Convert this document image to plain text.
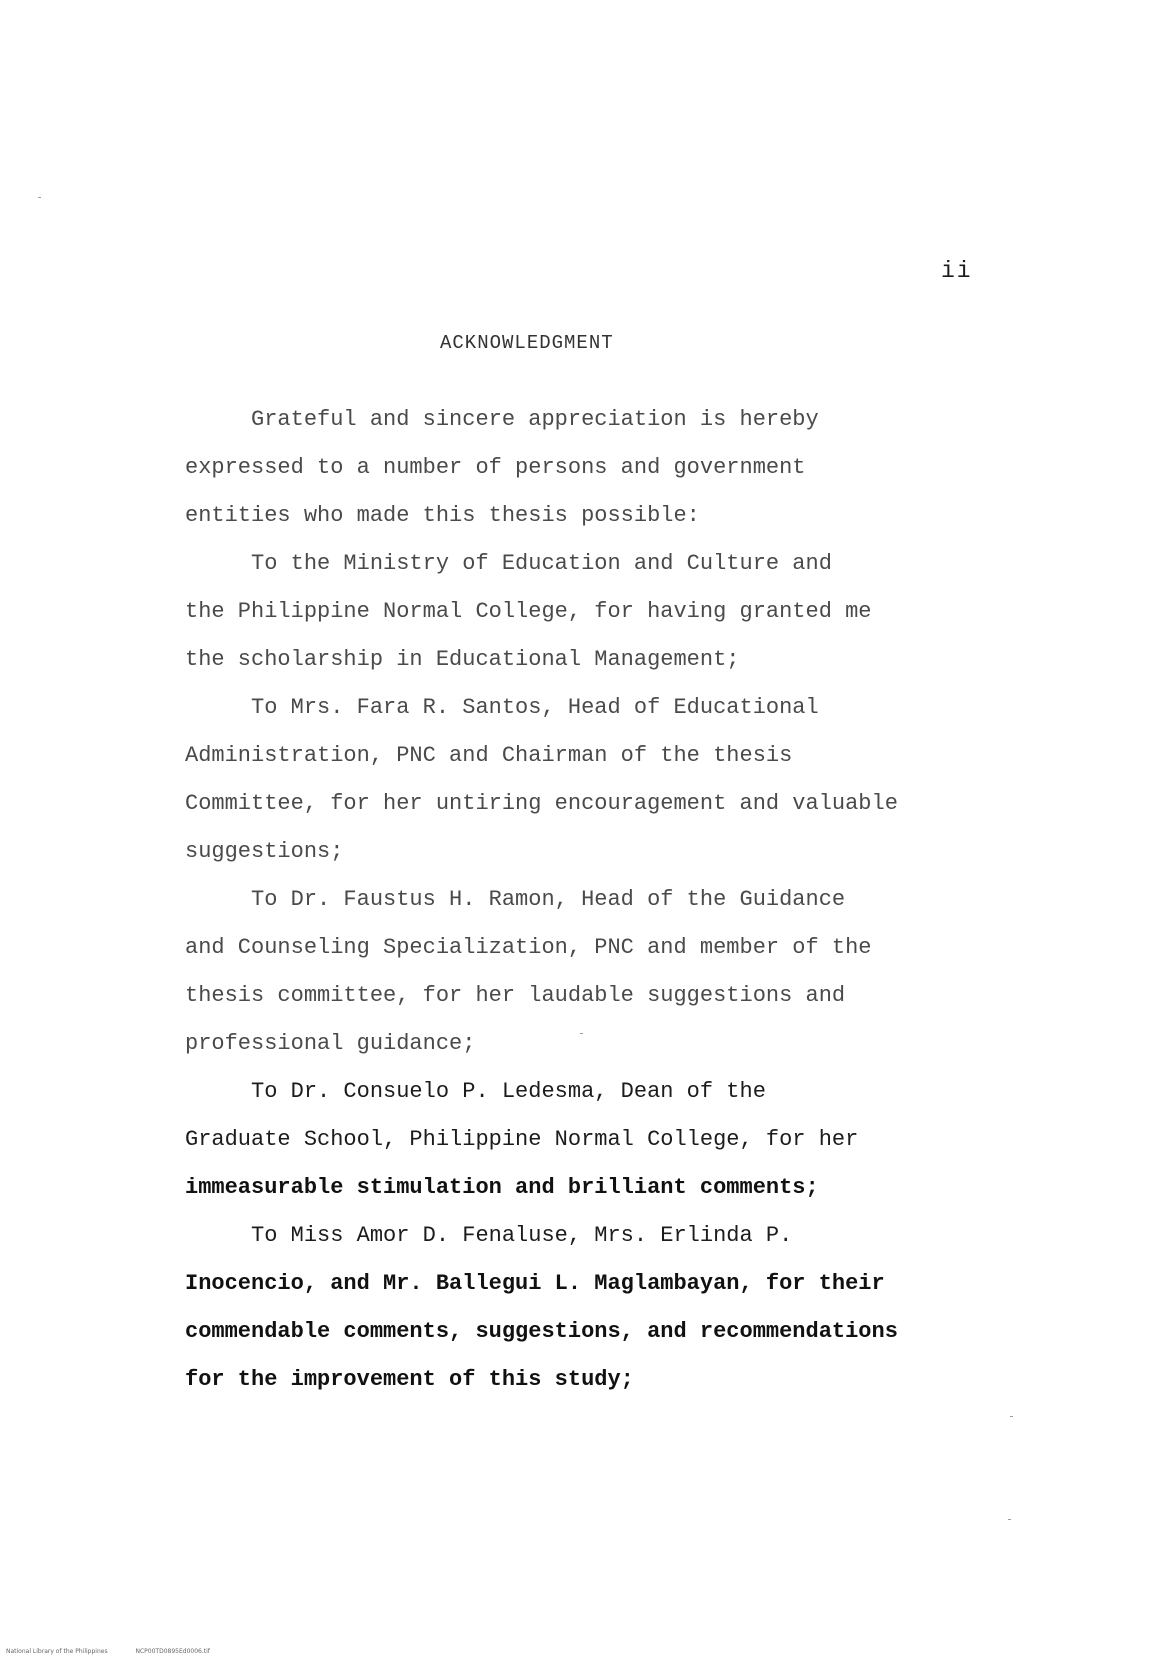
ii
ACKNOWLEDGMENT

Grateful and sincere appreciation is hereby

expressed to a number of persons and government

entities who made this thesis possible:

To the Ministry of Education and Culture and

the Philippine Normal College, for having granted me

the scholarship in Educational Management;

To Mrs. Fara R. Santos, Head of Educational

Administration, PNC and Chairman of the thesis

Committee, for her untiring encouragement and valuable

suggestions;

To Dr. Faustus H. Ramon, Head of the Guidance

and Counseling Specialization, PNC and member of the

thesis committee, for her laudable suggestions and

professional guidance;

To Dr. Consuelo P. Ledesma, Dean of the

Graduate School, Philippine Normal College, for her

immeasurable stimulation and brilliant comments;

To Miss Amor D. Fenaluse, Mrs. Erlinda P.

Inocencio, and Mr. Ballegui L. Maglambayan, for their

commendable comments, suggestions, and recommendations

for the improvement of this study;

National Library of the Philippines	NCP00TD0895Ed0006.tif
